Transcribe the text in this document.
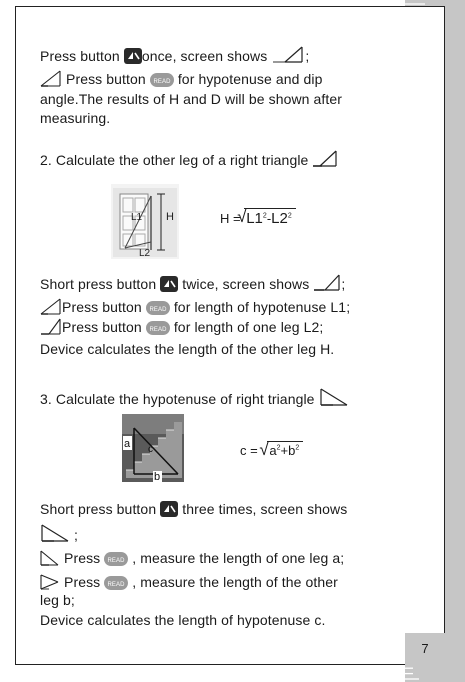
7
Press button once, screen shows	;
Press button READ for hypotenuse and dip
angle.The results of H and D will be shown after
measuring.
2. Calculate the other leg of a right triangle
H
L1
L2
H =
√ $L1^2-L2^2$
Short press button twice, screen shows ;
Press button READ for length of hypotenuse L1;
Press button READ for length of one leg L2;
Device calculates the length of the other leg H.
3. Calculate the hypotenuse of right triangle
a c
b
c = √ $a^2+b^2$
Short press button three times, screen shows
;
Press READ , measure the length of one leg a;
Press READ , measure the length of the other
leg b;
Device calculates the length of hypotenuse c.
